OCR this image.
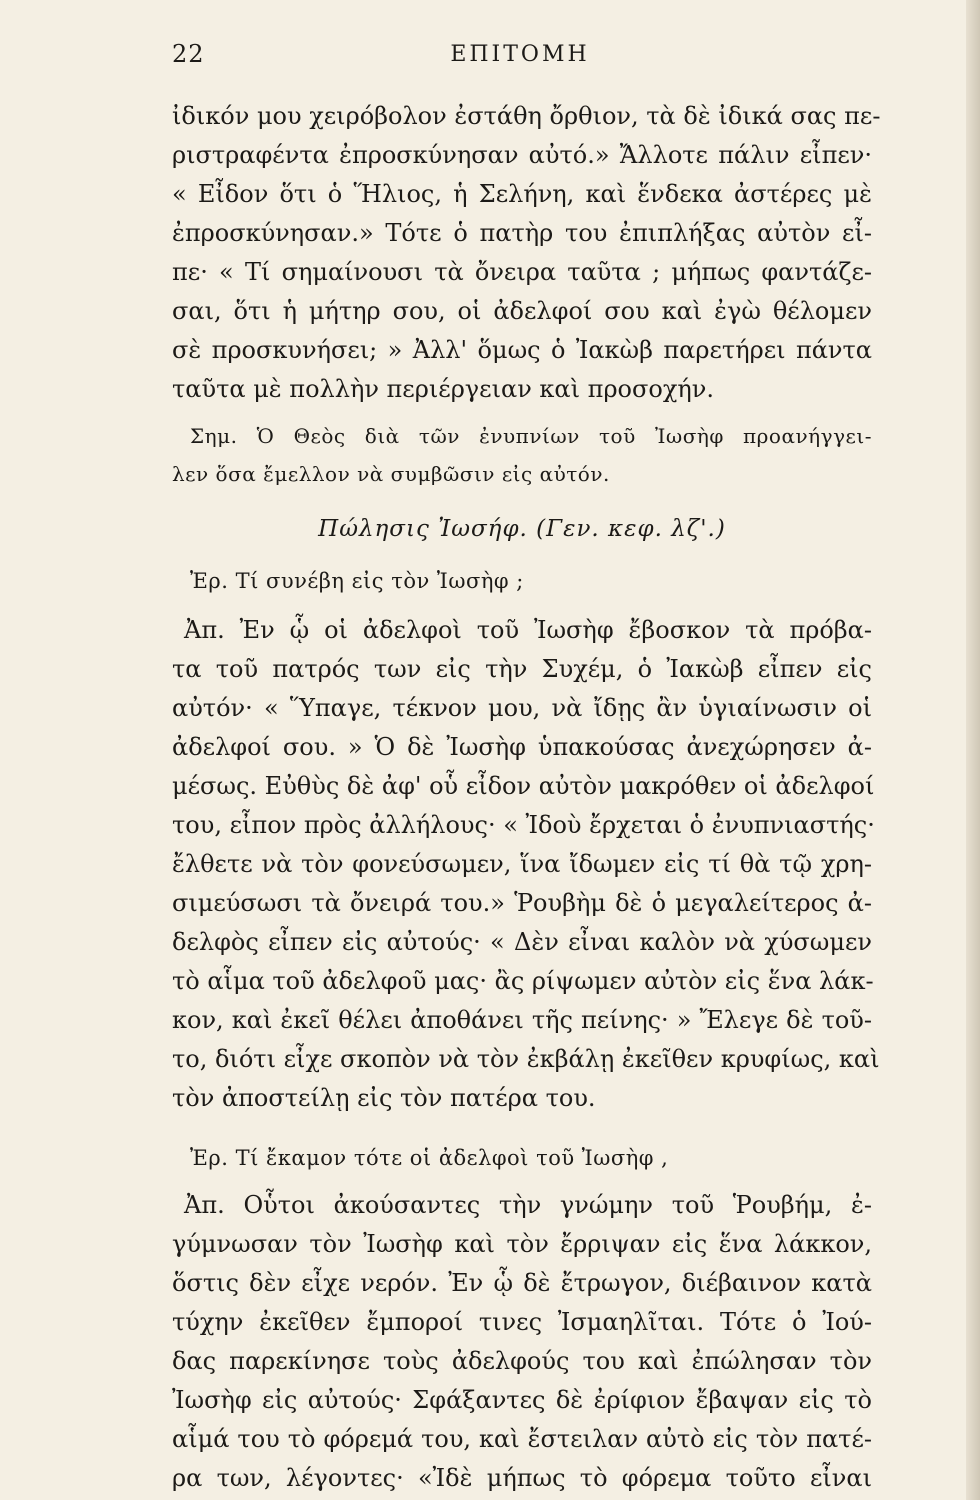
22	ΕΠΙΤΟΜΗ
ἰδικόν μου χειρόβολον ἐστάθη ὄρθιον, τὰ δὲ ἰδικά σας πε-
ριστραφέντα ἐπροσκύνησαν αὐτό.» Ἄλλοτε πάλιν εἶπεν·
« Εἶδον ὅτι ὁ Ἥλιος, ἡ Σελήνη, καὶ ἕνδεκα ἀστέρες μὲ
ἐπροσκύνησαν.» Τότε ὁ πατὴρ του ἐπιπλήξας αὐτὸν εἶ-
πε· « Τί σημαίνουσι τὰ ὄνειρα ταῦτα ; μήπως φαντάζε-
σαι, ὅτι ἡ μήτηρ σου, οἱ ἀδελφοί σου καὶ ἐγὼ θέλομεν
σὲ προσκυνήσει; » Ἀλλ' ὅμως ὁ Ἰακὼβ παρετήρει πάντα
ταῦτα μὲ πολλὴν περιέργειαν καὶ προσοχήν.
Σημ. Ὁ Θεὸς διὰ τῶν ἐνυπνίων τοῦ Ἰωσὴφ προανήγγει-
λεν ὅσα ἔμελλον νὰ συμβῶσιν εἰς αὐτόν.
Πώλησις Ἰωσήφ. (Γεν. κεφ. λζ'.)
Ἐρ. Τί συνέβη εἰς τὸν Ἰωσὴφ ;
Ἀπ. Ἐν ᾧ οἱ ἀδελφοὶ τοῦ Ἰωσὴφ ἔβοσκον τὰ πρόβα-
τα τοῦ πατρός των εἰς τὴν Συχέμ, ὁ Ἰακὼβ εἶπεν εἰς
αὐτόν· « Ὕπαγε, τέκνον μου, νὰ ἴδῃς ἂν ὑγιαίνωσιν οἱ
ἀδελφοί σου. » Ὁ δὲ Ἰωσὴφ ὑπακούσας ἀνεχώρησεν ἀ-
μέσως. Εὐθὺς δὲ ἀφ' οὗ εἶδον αὐτὸν μακρόθεν οἱ ἀδελφοί
του, εἶπον πρὸς ἀλλήλους· « Ἰδοὺ ἔρχεται ὁ ἐνυπνιαστής·
ἔλθετε νὰ τὸν φονεύσωμεν, ἵνα ἴδωμεν εἰς τί θὰ τῷ χρη-
σιμεύσωσι τὰ ὄνειρά του.» Ῥουβὴμ δὲ ὁ μεγαλείτερος ἀ-
δελφὸς εἶπεν εἰς αὐτούς· « Δὲν εἶναι καλὸν νὰ χύσωμεν
τὸ αἷμα τοῦ ἀδελφοῦ μας· ἂς ρίψωμεν αὐτὸν εἰς ἕνα λάκ-
κον, καὶ ἐκεῖ θέλει ἀποθάνει τῆς πείνης· » Ἔλεγε δὲ τοῦ-
το, διότι εἶχε σκοπὸν νὰ τὸν ἐκβάλῃ ἐκεῖθεν κρυφίως, καὶ
τὸν ἀποστείλῃ εἰς τὸν πατέρα του.
Ἐρ. Τί ἔκαμον τότε οἱ ἀδελφοὶ τοῦ Ἰωσὴφ ,
Ἀπ. Οὗτοι ἀκούσαντες τὴν γνώμην τοῦ Ῥουβήμ, ἐ-
γύμνωσαν τὸν Ἰωσὴφ καὶ τὸν ἔρριψαν εἰς ἕνα λάκκον,
ὅστις δὲν εἶχε νερόν. Ἐν ᾧ δὲ ἔτρωγον, διέβαινον κατὰ
τύχην ἐκεῖθεν ἔμποροί τινες Ἰσμαηλῖται. Τότε ὁ Ἰού-
δας παρεκίνησε τοὺς ἀδελφούς του καὶ ἐπώλησαν τὸν
Ἰωσὴφ εἰς αὐτούς· Σφάξαντες δὲ ἐρίφιον ἔβαψαν εἰς τὸ
αἷμά του τὸ φόρεμά του, καὶ ἔστειλαν αὐτὸ εἰς τὸν πατέ-
ρα των, λέγοντες· «Ἰδὲ μήπως τὸ φόρεμα τοῦτο εἶναι
